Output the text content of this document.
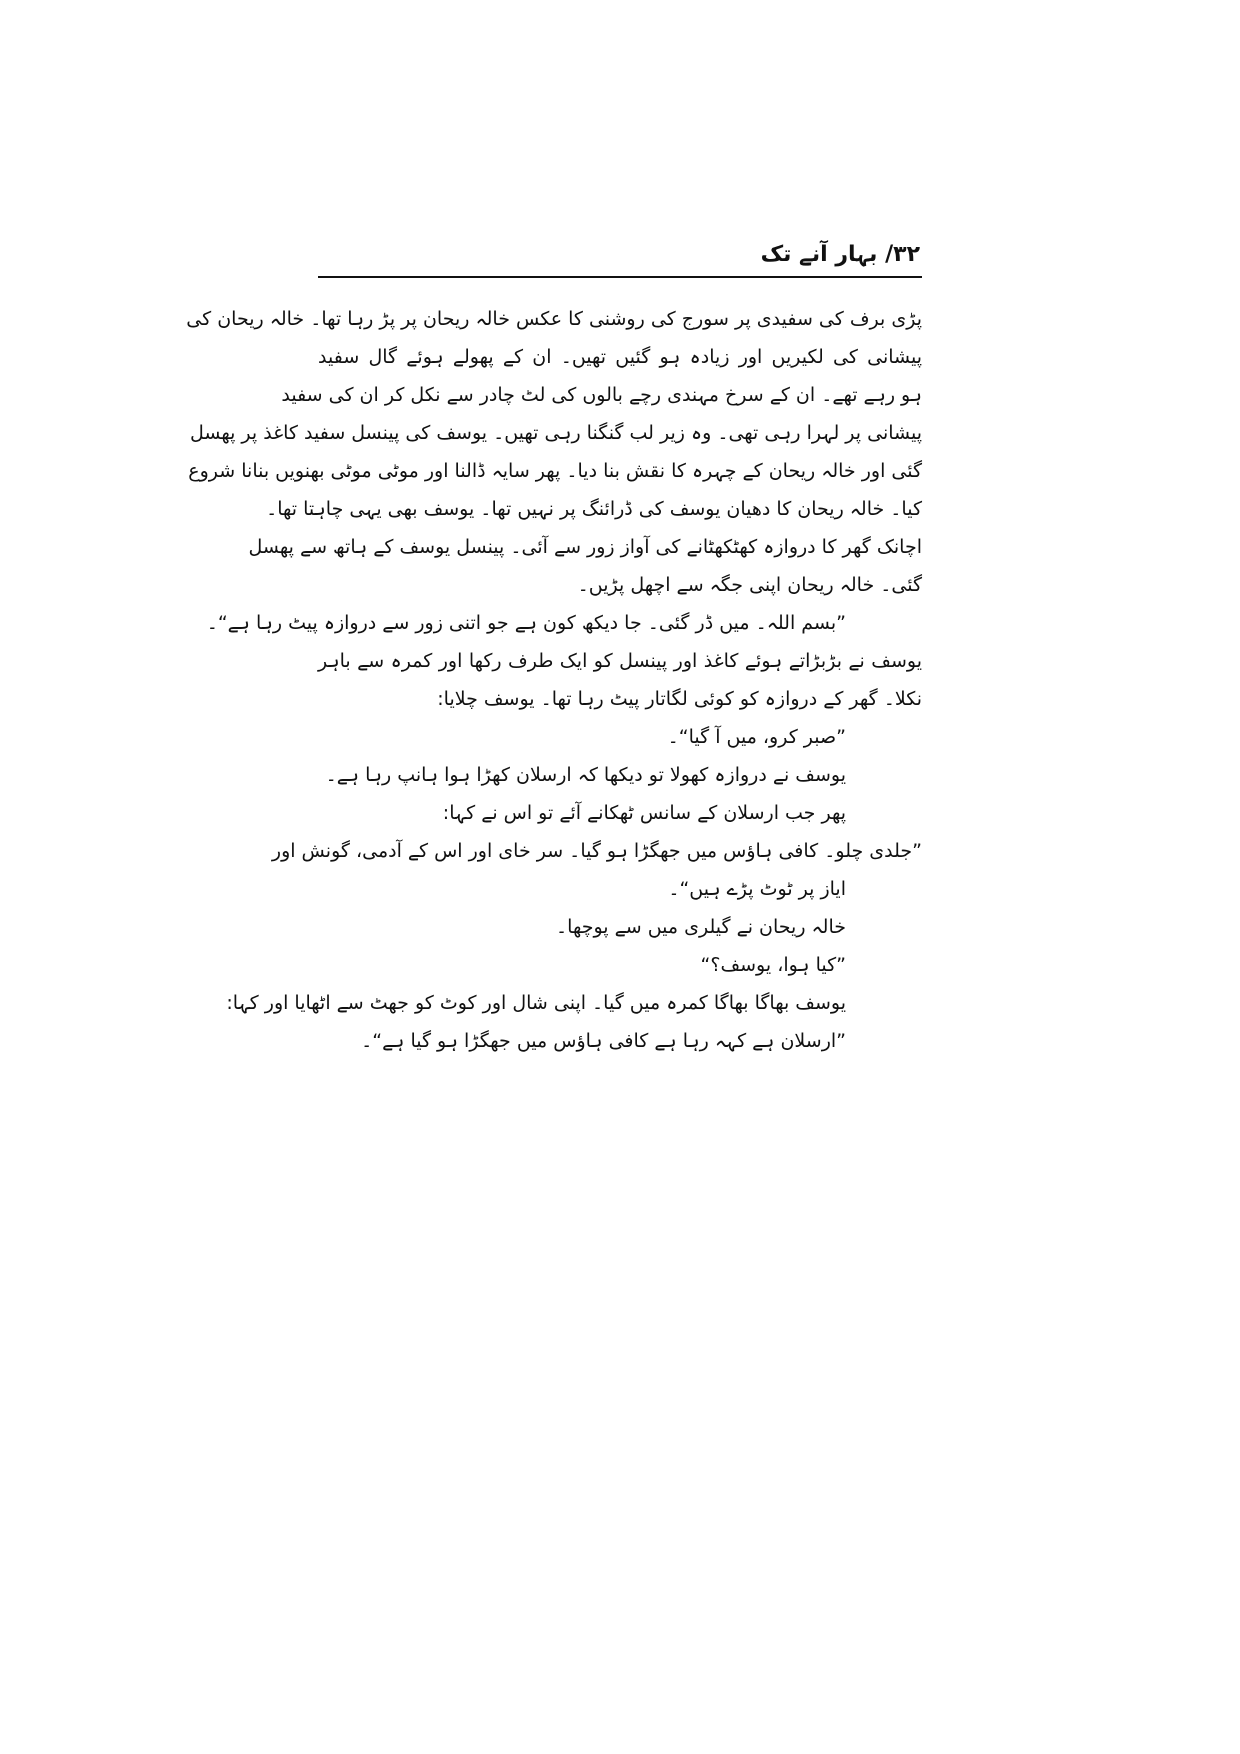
۳۲/ بہار آنے تک
پڑی برف کی سفیدی پر سورج کی روشنی کا عکس خالہ ریحان پر پڑ رہا تھا۔ خالہ ریحان کی
پیشانی کی لکیریں اور زیادہ ہو گئیں تھیں۔ ان کے پھولے ہوئے گال سفید
ہو رہے تھے۔ ان کے سرخ مہندی رچے بالوں کی لٹ چادر سے نکل کر ان کی سفید
پیشانی پر لہرا رہی تھی۔ وہ زیر لب گنگنا رہی تھیں۔ یوسف کی پینسل سفید کاغذ پر پھسل
گئی اور خالہ ریحان کے چہرہ کا نقش بنا دیا۔ پھر سایہ ڈالنا اور موٹی موٹی بھنویں بنانا شروع
کیا۔ خالہ ریحان کا دھیان یوسف کی ڈرائنگ پر نہیں تھا۔ یوسف بھی یہی چاہتا تھا۔
اچانک گھر کا دروازہ کھٹکھٹانے کی آواز زور سے آئی۔ پینسل یوسف کے ہاتھ سے پھسل
گئی۔ خالہ ریحان اپنی جگہ سے اچھل پڑیں۔
”بسم اللہ۔ میں ڈر گئی۔ جا دیکھ کون ہے جو اتنی زور سے دروازہ پیٹ رہا ہے“۔
یوسف نے بڑبڑاتے ہوئے کاغذ اور پینسل کو ایک طرف رکھا اور کمرہ سے باہر
نکلا۔ گھر کے دروازہ کو کوئی لگاتار پیٹ رہا تھا۔ یوسف چلایا:
”صبر کرو، میں آ گیا“۔
یوسف نے دروازہ کھولا تو دیکھا کہ ارسلان کھڑا ہوا ہانپ رہا ہے۔
پھر جب ارسلان کے سانس ٹھکانے آئے تو اس نے کہا:
”جلدی چلو۔ کافی ہاؤس میں جھگڑا ہو گیا۔ سر خای اور اس کے آدمی، گونش اور
ایاز پر ٹوٹ پڑے ہیں“۔
خالہ ریحان نے گیلری میں سے پوچھا۔
”کیا ہوا، یوسف؟“
یوسف بھاگا بھاگا کمرہ میں گیا۔ اپنی شال اور کوٹ کو جھٹ سے اٹھایا اور کہا:
”ارسلان ہے کہہ رہا ہے کافی ہاؤس میں جھگڑا ہو گیا ہے“۔
